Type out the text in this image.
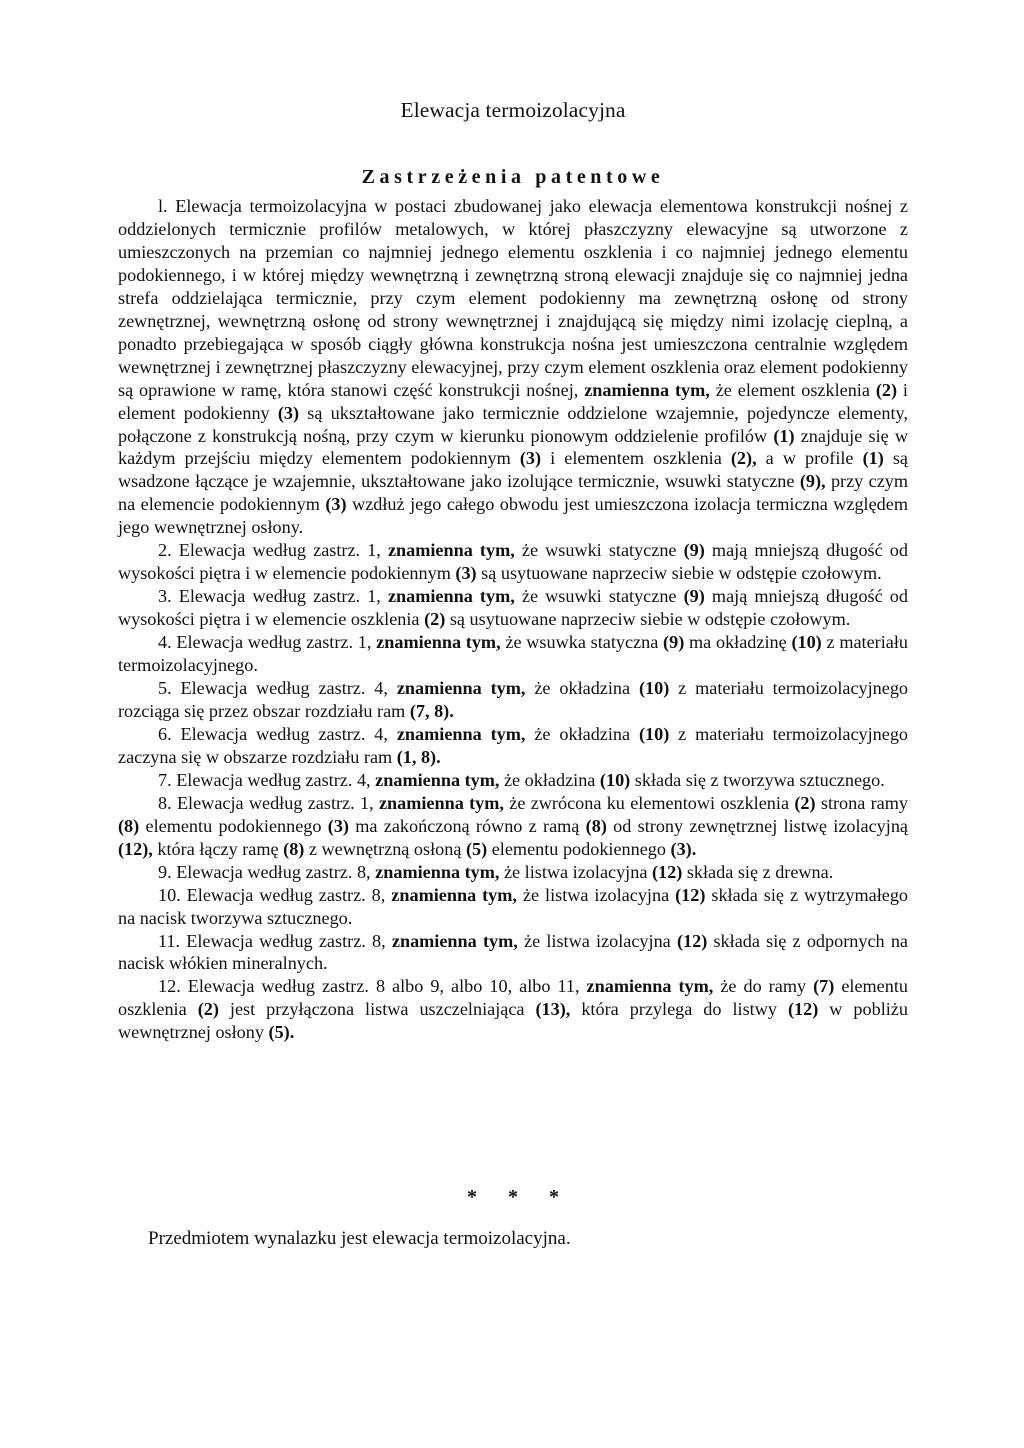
Elewacja termoizolacyjna
Zastrzeżenia patentowe

l. Elewacja termoizolacyjna w postaci zbudowanej jako elewacja elementowa konstrukcji nośnej z oddzielonych termicznie profilów metalowych, w której płaszczyzny elewacyjne są utworzone z umieszczonych na przemian co najmniej jednego elementu oszklenia i co najmniej jednego elementu podokiennego, i w której między wewnętrzną i zewnętrzną stroną elewacji znajduje się co najmniej jedna strefa oddzielająca termicznie, przy czym element podokienny ma zewnętrzną osłonę od strony zewnętrznej, wewnętrzną osłonę od strony wewnętrznej i znajdującą się między nimi izolację cieplną, a ponadto przebiegająca w sposób ciągły główna konstrukcja nośna jest umieszczona centralnie względem wewnętrznej i zewnętrznej płaszczyzny elewacyjnej, przy czym element oszklenia oraz element podokienny są oprawione w ramę, która stanowi część konstrukcji nośnej, znamienna tym, że element oszklenia (2) i element podokienny (3) są ukształtowane jako termicznie oddzielone wzajemnie, pojedyncze elementy, połączone z konstrukcją nośną, przy czym w kierunku pionowym oddzielenie profilów (1) znajduje się w każdym przejściu między elementem podokiennym (3) i elementem oszklenia (2), a w profile (1) są wsadzone łączące je wzajemnie, ukształtowane jako izolujące termicznie, wsuwki statyczne (9), przy czym na elemencie podokiennym (3) wzdłuż jego całego obwodu jest umieszczona izolacja termiczna względem jego wewnętrznej osłony.

2. Elewacja według zastrz. 1, znamienna tym, że wsuwki statyczne (9) mają mniejszą długość od wysokości piętra i w elemencie podokiennym (3) są usytuowane naprzeciw siebie w odstępie czołowym.

3. Elewacja według zastrz. 1, znamienna tym, że wsuwki statyczne (9) mają mniejszą długość od wysokości piętra i w elemencie oszklenia (2) są usytuowane naprzeciw siebie w odstępie czołowym.

4. Elewacja według zastrz. 1, znamienna tym, że wsuwka statyczna (9) ma okładzinę (10) z materiału termoizolacyjnego.

5. Elewacja według zastrz. 4, znamienna tym, że okładzina (10) z materiału termoizolacyjnego rozciąga się przez obszar rozdziału ram (7, 8).

6. Elewacja według zastrz. 4, znamienna tym, że okładzina (10) z materiału termoizolacyjnego zaczyna się w obszarze rozdziału ram (1, 8).

7. Elewacja według zastrz. 4, znamienna tym, że okładzina (10) składa się z tworzywa sztucznego.

8. Elewacja według zastrz. 1, znamienna tym, że zwrócona ku elementowi oszklenia (2) strona ramy (8) elementu podokiennego (3) ma zakończoną równo z ramą (8) od strony zewnętrznej listwę izolacyjną (12), która łączy ramę (8) z wewnętrzną osłoną (5) elementu podokiennego (3).

9. Elewacja według zastrz. 8, znamienna tym, że listwa izolacyjna (12) składa się z drewna.

10. Elewacja według zastrz. 8, znamienna tym, że listwa izolacyjna (12) składa się z wytrzymałego na nacisk tworzywa sztucznego.

11. Elewacja według zastrz. 8, znamienna tym, że listwa izolacyjna (12) składa się z odpornych na nacisk włókien mineralnych.

12. Elewacja według zastrz. 8 albo 9, albo 10, albo 11, znamienna tym, że do ramy (7) elementu oszklenia (2) jest przyłączona listwa uszczelniająca (13), która przylega do listwy (12) w pobliżu wewnętrznej osłony (5).

* * *

Przedmiotem wynalazku jest elewacja termoizolacyjna.
